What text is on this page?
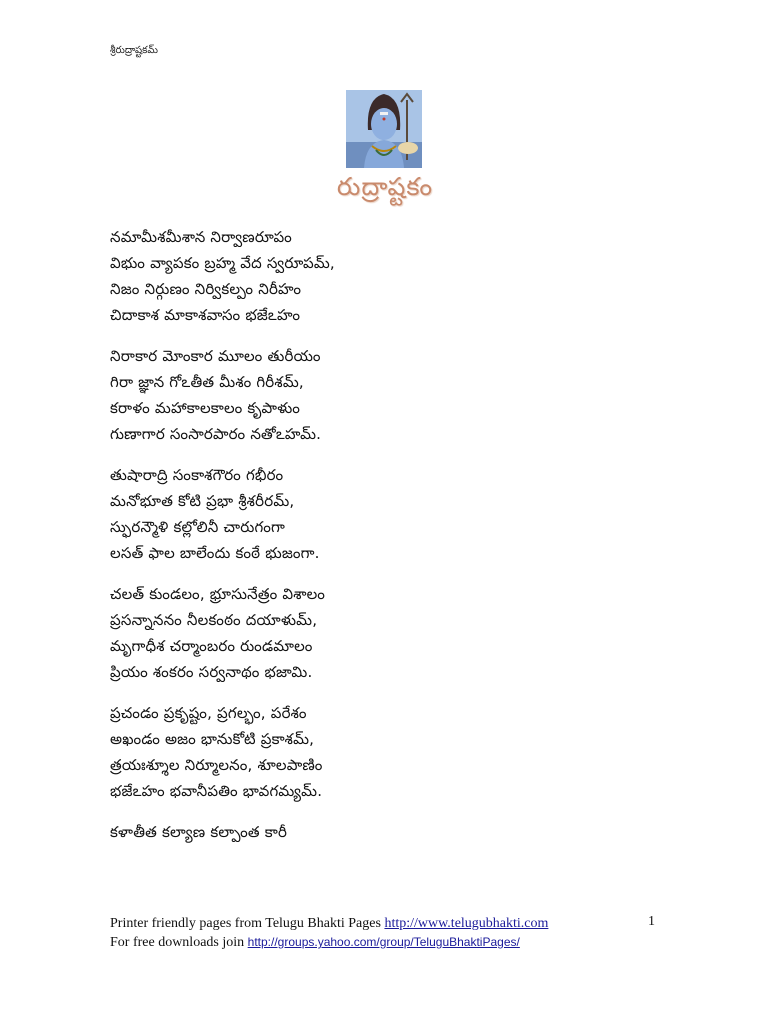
శ్రీరుద్రాష్టకమ్
రుద్రాష్టకం
నమామీశమీశాన నిర్వాణరూపం
విభుం వ్యాపకం బ్రహ్మ వేద స్వరూపమ్,
నిజం నిర్గుణం నిర్వికల్పం నిరీహం
చిదాకాశ మాకాశవాసం భజేఽహం
నిరాకార మోంకార మూలం తురీయం
గిరా జ్ఞాన గోఽతీత మీశం గిరీశమ్,
కరాళం మహాకాలకాలం కృపాళుం
గుణాగార సంసారపారం నతోఽహమ్.
తుషారాద్రి సంకాశగౌరం గభీరం
మనోభూత కోటి ప్రభా శ్రీశరీరమ్,
స్ఫురన్మౌళి కల్లోలినీ చారుగంగా
లసత్ ఫాల బాలేందు కంఠే భుజంగా.
చలత్ కుండలం, భ్రూసునేత్రం విశాలం
ప్రసన్నాననం నీలకంఠం దయాళుమ్,
మృగాధీశ చర్మాంబరం రుండమాలం
ప్రియం శంకరం సర్వనాథం భజామి.
ప్రచండం ప్రకృష్టం, ప్రగల్భం, పరేశం
అఖండం అజం భానుకోటి ప్రకాశమ్,
త్రయఃశ్శూల నిర్మూలనం, శూలపాణిం
భజేఽహం భవానీపతిం భావగమ్యమ్.
కళాతీత కల్యాణ కల్పాంత కారీ
Printer friendly pages from Telugu Bhakti Pages http://www.telugubhakti.com
For free downloads join http://groups.yahoo.com/group/TeluguBhaktiPages/
1
